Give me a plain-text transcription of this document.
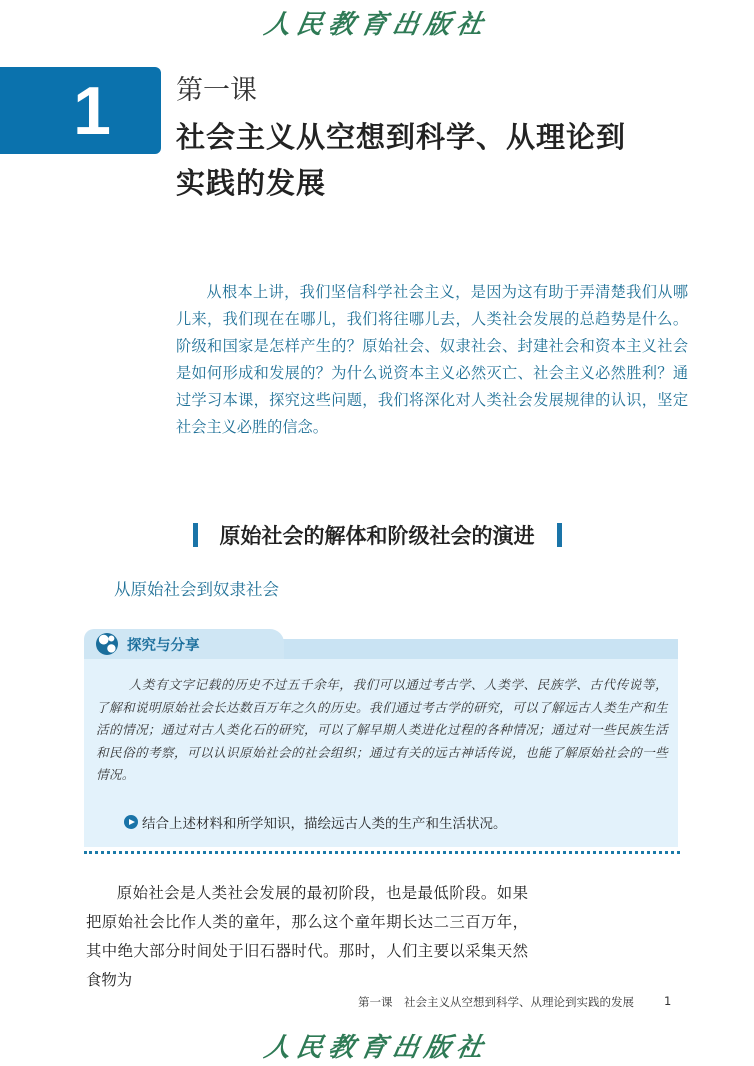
人民教育出版社
1 第一课
社会主义从空想到科学、从理论到
实践的发展

从根本上讲，我们坚信科学社会主义，是因为这有助于弄清楚我们从哪儿来，我们现在在哪儿，我们将往哪儿去，人类社会发展的总趋势是什么。阶级和国家是怎样产生的？原始社会、奴隶社会、封建社会和资本主义社会是如何形成和发展的？为什么说资本主义必然灭亡、社会主义必然胜利？通过学习本课，探究这些问题，我们将深化对人类社会发展规律的认识，坚定社会主义必胜的信念。

原始社会的解体和阶级社会的演进
从原始社会到奴隶社会
探究与分享

人类有文字记载的历史不过五千余年，我们可以通过考古学、人类学、民族学、古代传说等，了解和说明原始社会长达数百万年之久的历史。我们通过考古学的研究，可以了解远古人类生产和生活的情况；通过对古人类化石的研究，可以了解早期人类进化过程的各种情况；通过对一些民族生活和民俗的考察，可以认识原始社会的社会组织；通过有关的远古神话传说，也能了解原始社会的一些情况。

结合上述材料和所学知识，描绘远古人类的生产和生活状况。

原始社会是人类社会发展的最初阶段，也是最低阶段。如果把原始社会比作人类的童年，那么这个童年期长达二三百万年，其中绝大部分时间处于旧石器时代。那时，人们主要以采集天然食物为

第一课　社会主义从空想到科学、从理论到实践的发展	1
人民教育出版社
